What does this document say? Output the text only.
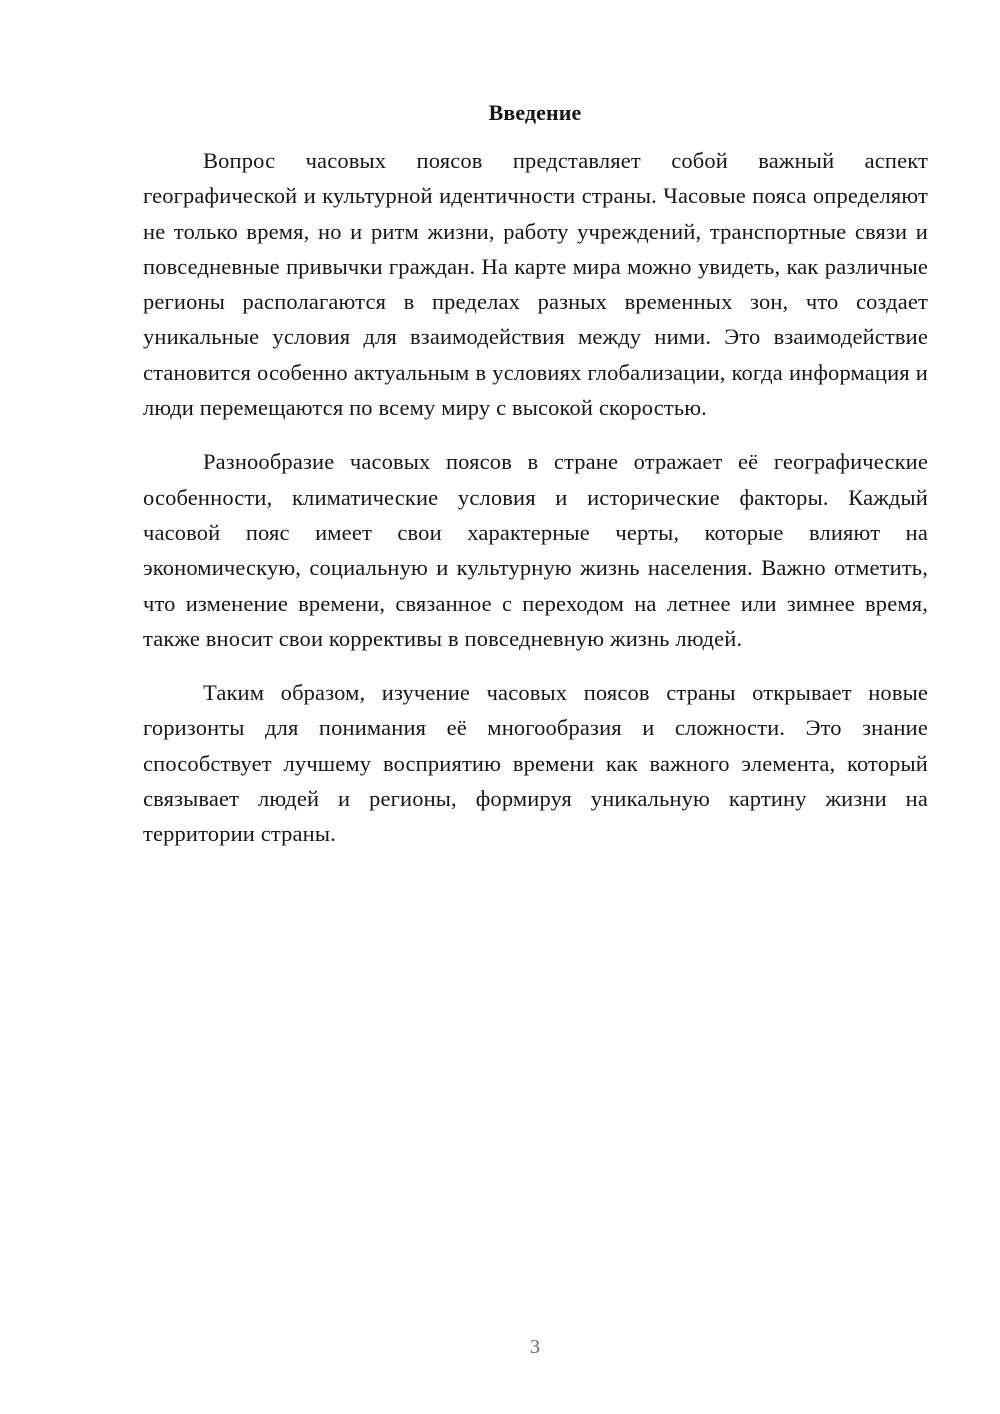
Введение

Вопрос часовых поясов представляет собой важный аспект географической и культурной идентичности страны. Часовые пояса определяют не только время, но и ритм жизни, работу учреждений, транспортные связи и повседневные привычки граждан. На карте мира можно увидеть, как различные регионы располагаются в пределах разных временных зон, что создает уникальные условия для взаимодействия между ними. Это взаимодействие становится особенно актуальным в условиях глобализации, когда информация и люди перемещаются по всему миру с высокой скоростью.

Разнообразие часовых поясов в стране отражает её географические особенности, климатические условия и исторические факторы. Каждый часовой пояс имеет свои характерные черты, которые влияют на экономическую, социальную и культурную жизнь населения. Важно отметить, что изменение времени, связанное с переходом на летнее или зимнее время, также вносит свои коррективы в повседневную жизнь людей.

Таким образом, изучение часовых поясов страны открывает новые горизонты для понимания её многообразия и сложности. Это знание способствует лучшему восприятию времени как важного элемента, который связывает людей и регионы, формируя уникальную картину жизни на территории страны.

3
